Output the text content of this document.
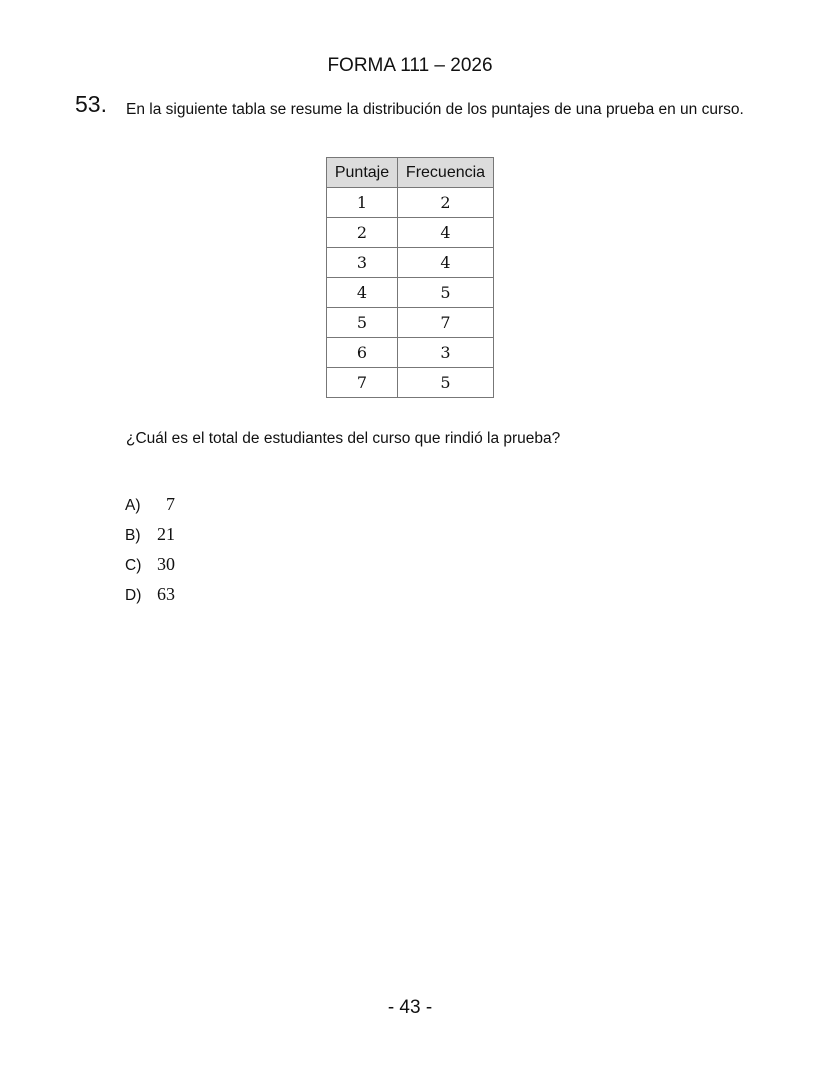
FORMA 111 – 2026
53. En la siguiente tabla se resume la distribución de los puntajes de una prueba en un curso.
Puntaje	Frecuencia
1	2
2	4
3	4
4	5
5	7
6	3
7	5
¿Cuál es el total de estudiantes del curso que rindió la prueba?
A) 7
B) 21
C) 30
D) 63
- 43 -
